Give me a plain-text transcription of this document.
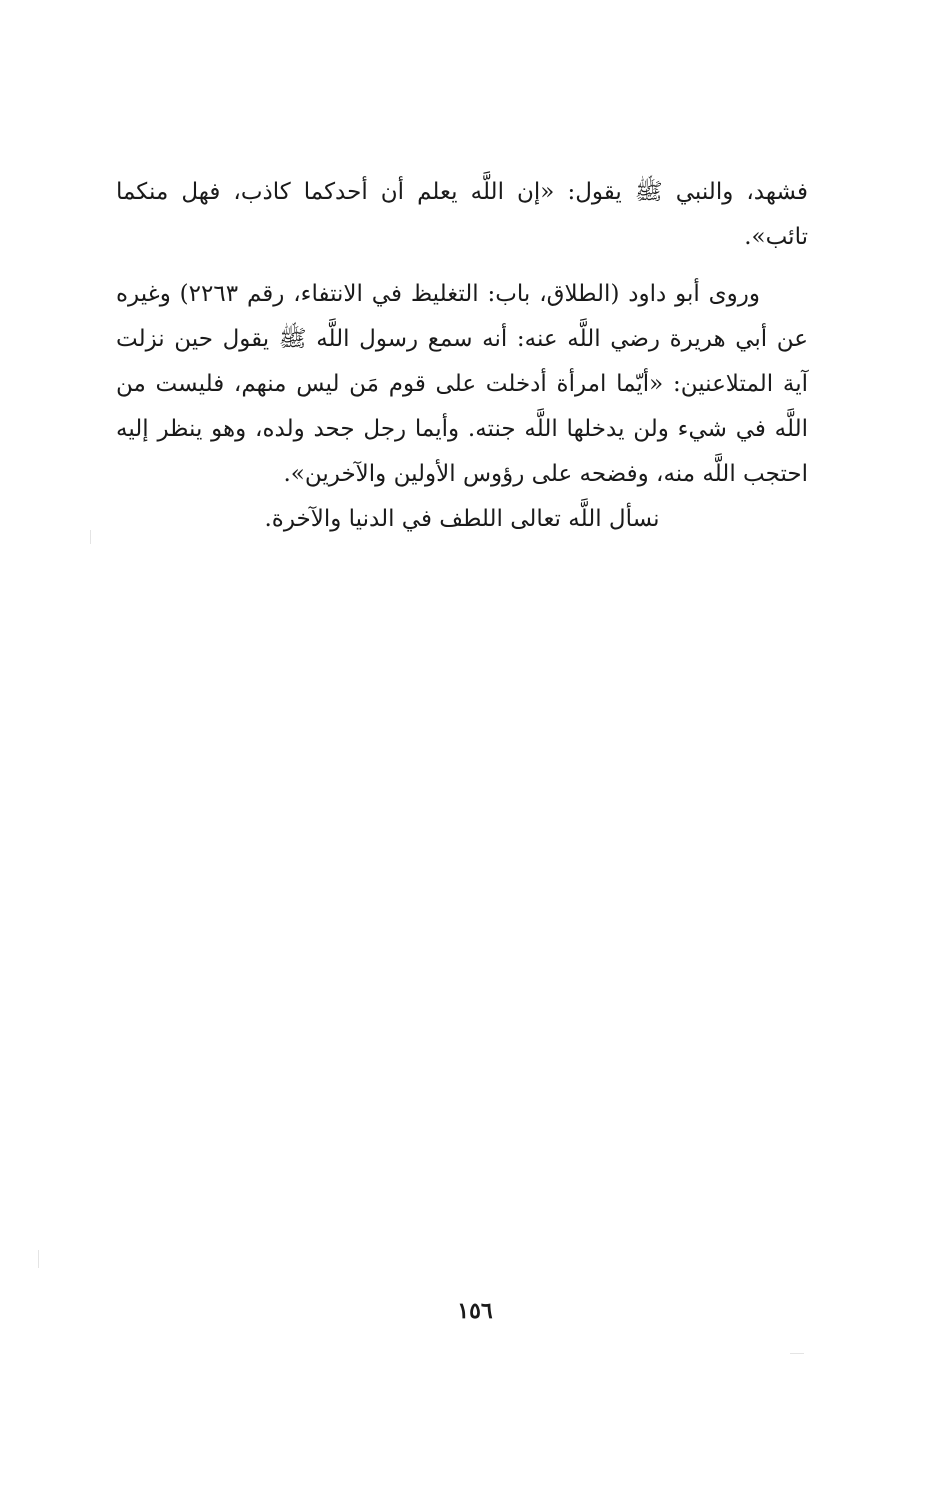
فشهد، والنبي ﷺ يقول: «إن اللَّه يعلم أن أحدكما كاذب، فهل منكما تائب».

وروى أبو داود (الطلاق، باب: التغليظ في الانتفاء، رقم ٢٢٦٣) وغيره عن أبي هريرة رضي اللَّه عنه: أنه سمع رسول اللَّه ﷺ يقول حين نزلت آية المتلاعنين: «أيّما امرأة أدخلت على قوم مَن ليس منهم، فليست من اللَّه في شيء ولن يدخلها اللَّه جنته. وأيما رجل جحد ولده، وهو ينظر إليه احتجب اللَّه منه، وفضحه على رؤوس الأولين والآخرين».

نسأل اللَّه تعالى اللطف في الدنيا والآخرة.

١٥٦
